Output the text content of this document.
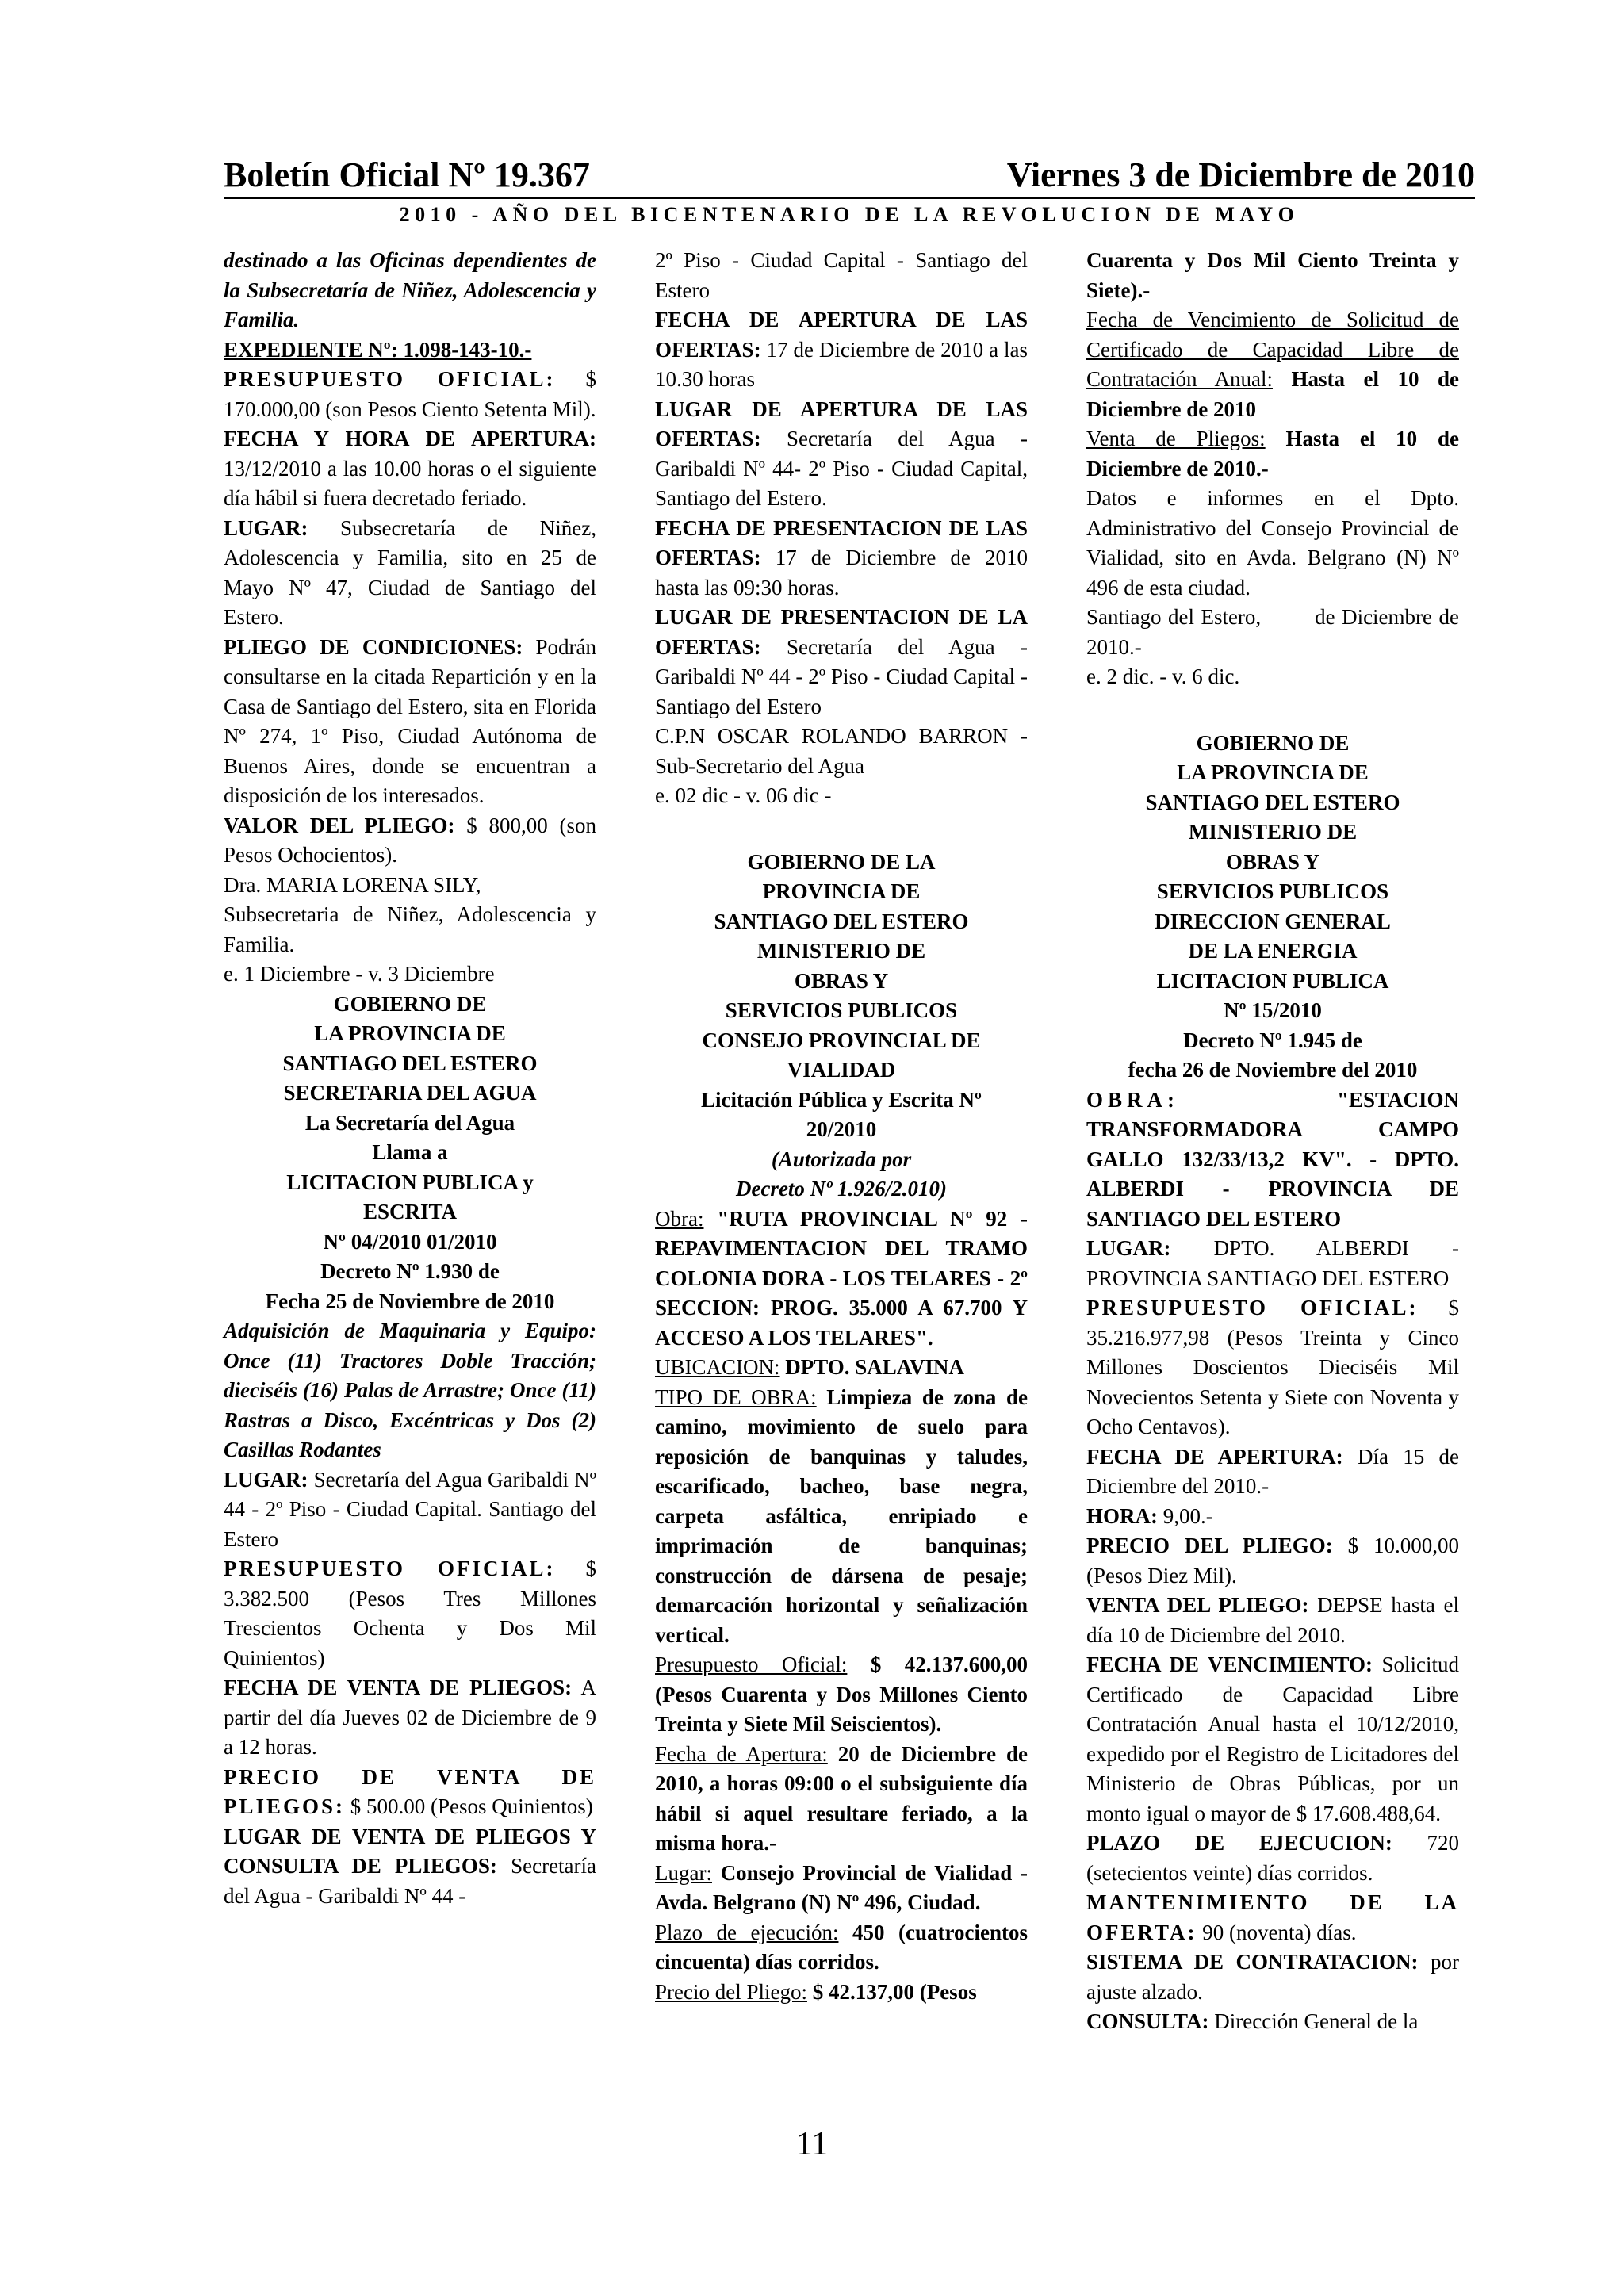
Boletín Oficial Nº 19.367	Viernes 3 de Diciembre de 2010
2010 - AÑO DEL BICENTENARIO DE LA REVOLUCION DE MAYO

destinado a las Oficinas dependientes de la Subsecretaría de Niñez, Adolescencia y Familia.

EXPEDIENTE Nº: 1.098-143-10.-

PRESUPUESTO OFICIAL: $ 170.000,00 (son Pesos Ciento Setenta Mil).

FECHA Y HORA DE APERTURA: 13/12/2010 a las 10.00 horas o el siguiente día hábil si fuera decretado feriado.

LUGAR: Subsecretaría de Niñez, Adolescencia y Familia, sito en 25 de Mayo Nº 47, Ciudad de Santiago del Estero.

PLIEGO DE CONDICIONES: Podrán consultarse en la citada Repartición y en la Casa de Santiago del Estero, sita en Florida Nº 274, 1º Piso, Ciudad Autónoma de Buenos Aires, donde se encuentran a disposición de los interesados.

VALOR DEL PLIEGO: $ 800,00 (son Pesos Ochocientos).

Dra. MARIA LORENA SILY,

Subsecretaria de Niñez, Adolescencia y Familia.

e. 1 Diciembre - v. 3 Diciembre

GOBIERNO DE
LA PROVINCIA DE
SANTIAGO DEL ESTERO
SECRETARIA DEL AGUA
La Secretaría del Agua
Llama a
LICITACION PUBLICA y
ESCRITA
Nº 04/2010 01/2010
Decreto Nº 1.930 de
Fecha 25 de Noviembre de 2010

Adquisición de Maquinaria y Equipo: Once (11) Tractores Doble Tracción; dieciséis (16) Palas de Arrastre; Once (11) Rastras a Disco, Excéntricas y Dos (2) Casillas Rodantes

LUGAR: Secretaría del Agua Garibaldi Nº 44 - 2º Piso - Ciudad Capital. Santiago del Estero

PRESUPUESTO OFICIAL: $ 3.382.500 (Pesos Tres Millones Trescientos Ochenta y Dos Mil Quinientos)

FECHA DE VENTA DE PLIEGOS: A partir del día Jueves 02 de Diciembre de 9 a 12 horas.

PRECIO DE VENTA DE PLIEGOS: $ 500.00 (Pesos Quinientos)

LUGAR DE VENTA DE PLIEGOS Y CONSULTA DE PLIEGOS: Secretaría del Agua - Garibaldi Nº 44 -

2º Piso - Ciudad Capital - Santiago del Estero

FECHA DE APERTURA DE LAS OFERTAS: 17 de Diciembre de 2010 a las 10.30 horas

LUGAR DE APERTURA DE LAS OFERTAS: Secretaría del Agua - Garibaldi Nº 44- 2º Piso - Ciudad Capital, Santiago del Estero.

FECHA DE PRESENTACION DE LAS OFERTAS: 17 de Diciembre de 2010 hasta las 09:30 horas.

LUGAR DE PRESENTACION DE LA OFERTAS: Secretaría del Agua - Garibaldi Nº 44 - 2º Piso - Ciudad Capital - Santiago del Estero

C.P.N OSCAR ROLANDO BARRON - Sub-Secretario del Agua

e. 02 dic - v. 06 dic -

GOBIERNO DE LA
PROVINCIA DE
SANTIAGO DEL ESTERO
MINISTERIO DE
OBRAS Y
SERVICIOS PUBLICOS
CONSEJO PROVINCIAL DE
VIALIDAD
Licitación Pública y Escrita Nº
20/2010
(Autorizada por
Decreto Nº 1.926/2.010)

Obra: "RUTA PROVINCIAL Nº 92 - REPAVIMENTACION DEL TRAMO COLONIA DORA - LOS TELARES - 2º SECCION: PROG. 35.000 A 67.700 Y ACCESO A LOS TELARES".

UBICACION: DPTO. SALAVINA

TIPO DE OBRA: Limpieza de zona de camino, movimiento de suelo para reposición de banquinas y taludes, escarificado, bacheo, base negra, carpeta asfáltica, enripiado e imprimación de banquinas; construcción de dársena de pesaje; demarcación horizontal y señalización vertical.

Presupuesto Oficial: $ 42.137.600,00 (Pesos Cuarenta y Dos Millones Ciento Treinta y Siete Mil Seiscientos).

Fecha de Apertura: 20 de Diciembre de 2010, a horas 09:00 o el subsiguiente día hábil si aquel resultare feriado, a la misma hora.-

Lugar: Consejo Provincial de Vialidad - Avda. Belgrano (N) Nº 496, Ciudad.

Plazo de ejecución: 450 (cuatrocientos cincuenta) días corridos.

Precio del Pliego: $ 42.137,00 (Pesos

Cuarenta y Dos Mil Ciento Treinta y Siete).-

Fecha de Vencimiento de Solicitud de Certificado de Capacidad Libre de Contratación Anual: Hasta el 10 de Diciembre de 2010

Venta de Pliegos: Hasta el 10 de Diciembre de 2010.-

Datos e informes en el Dpto. Administrativo del Consejo Provincial de Vialidad, sito en Avda. Belgrano (N) Nº 496 de esta ciudad.

Santiago del Estero,        de Diciembre de 2010.-

e. 2 dic. - v. 6 dic.

GOBIERNO DE
LA PROVINCIA DE
SANTIAGO DEL ESTERO
MINISTERIO DE
OBRAS Y
SERVICIOS PUBLICOS
DIRECCION GENERAL
DE LA ENERGIA
LICITACION PUBLICA
Nº 15/2010
Decreto Nº 1.945 de
fecha 26 de Noviembre del 2010

OBRA:	"ESTACION TRANSFORMADORA CAMPO GALLO 132/33/13,2 KV". - DPTO. ALBERDI - PROVINCIA DE SANTIAGO DEL ESTERO

LUGAR: DPTO. ALBERDI - PROVINCIA SANTIAGO DEL ESTERO

PRESUPUESTO OFICIAL: $ 35.216.977,98 (Pesos Treinta y Cinco Millones Doscientos Dieciséis Mil Novecientos Setenta y Siete con Noventa y Ocho Centavos).

FECHA DE APERTURA: Día 15 de Diciembre del 2010.-

HORA: 9,00.-

PRECIO DEL PLIEGO: $ 10.000,00 (Pesos Diez Mil).

VENTA DEL PLIEGO: DEPSE hasta el día 10 de Diciembre del 2010.

FECHA DE VENCIMIENTO: Solicitud Certificado de Capacidad Libre Contratación Anual hasta el 10/12/2010, expedido por el Registro de Licitadores del Ministerio de Obras Públicas, por un monto igual o mayor de $ 17.608.488,64.

PLAZO DE EJECUCION: 720 (setecientos veinte) días corridos.

MANTENIMIENTO DE LA OFERTA: 90 (noventa) días.

SISTEMA DE CONTRATACION: por ajuste alzado.

CONSULTA: Dirección General de la

11
